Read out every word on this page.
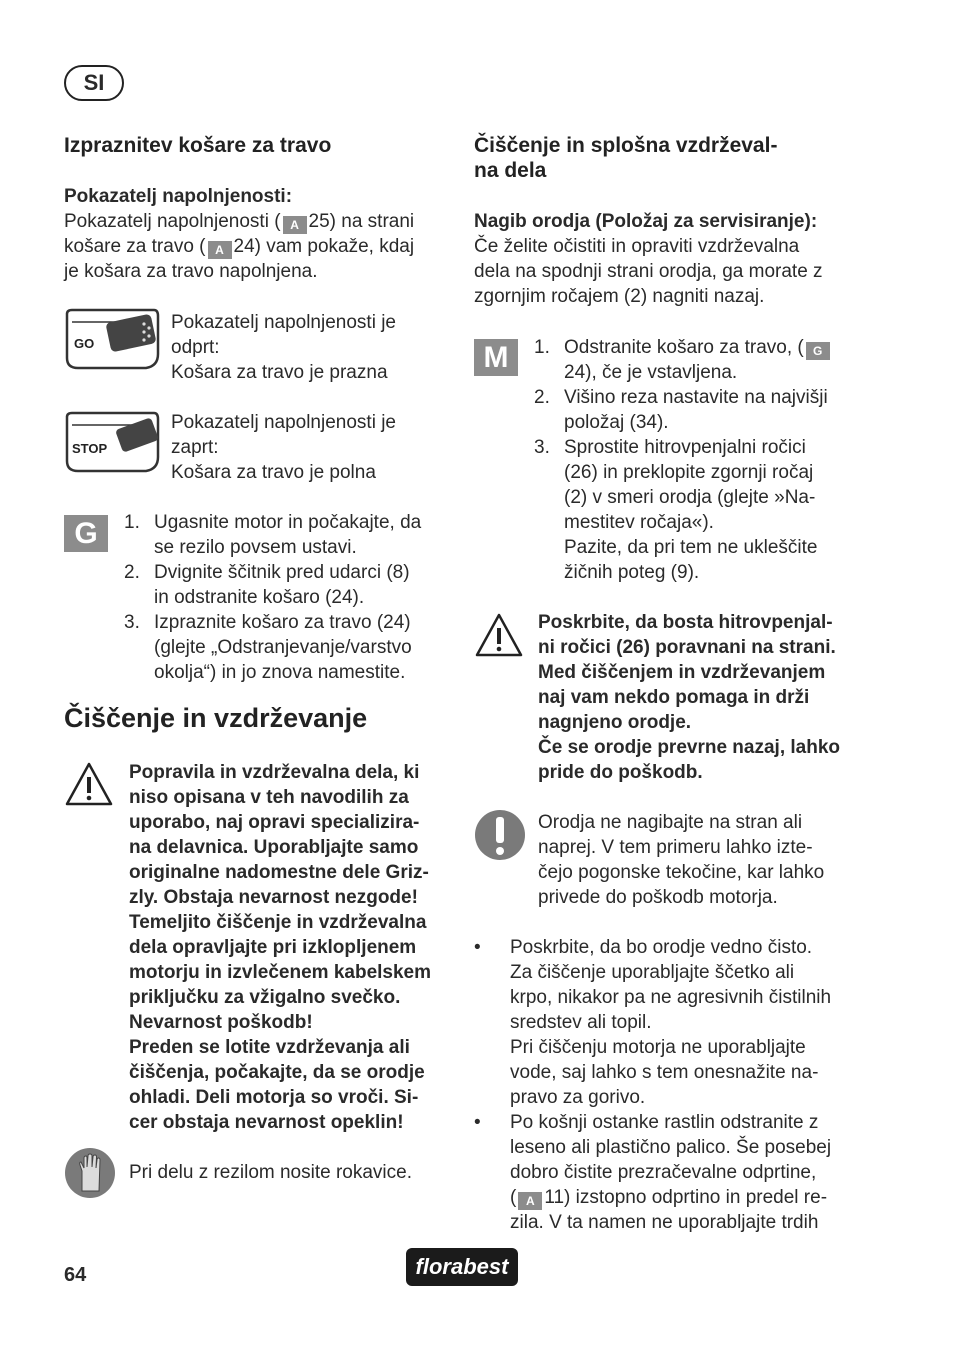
SI
Izpraznitev košare za travo
Pokazatelj napolnjenosti:
Pokazatelj napolnjenosti ( A 25) na strani
košare za travo ( A 24) vam pokaže, kdaj
je košara za travo napolnjena.
GO
Pokazatelj napolnjenosti je
odprt:
Košara za travo je prazna
STOP
Pokazatelj napolnjenosti je
zaprt:
Košara za travo je polna
G	1. Ugasnite motor in počakajte, da
se rezilo povsem ustavi.
2. Dvignite ščitnik pred udarci (8)
in odstranite košaro (24).
3. Izpraznite košaro za travo (24)
(glejte „Odstranjevanje/varstvo
okolja“) in jo znova namestite.
Čiščenje in vzdrževanje
Popravila in vzdrževalna dela, ki
niso opisana v teh navodilih za
uporabo, naj opravi specializira-
na delavnica. Uporabljajte samo
originalne nadomestne dele Griz-
zly. Obstaja nevarnost nezgode!
Temeljito čiščenje in vzdrževalna
dela opravljajte pri izklopljenem
motorju in izvlečenem kabelskem
priključku za vžigalno svečko.
Nevarnost poškodb!
Preden se lotite vzdrževanja ali
čiščenja, počakajte, da se orodje
ohladi. Deli motorja so vroči. Si-
cer obstaja nevarnost opeklin!
Pri delu z rezilom nosite rokavice.
Čiščenje in splošna vzdrževal-
na dela
Nagib orodja (Položaj za servisiranje):
Če želite očistiti in opraviti vzdrževalna
dela na spodnji strani orodja, ga morate z
zgornjim ročajem (2) nagniti nazaj.
M	1. Odstranite košaro za travo, ( G
24), če je vstavljena.
2. Višino reza nastavite na najvišji
položaj (34).
3. Sprostite hitrovpenjalni ročici
(26) in preklopite zgornji ročaj
(2) v smeri orodja (glejte »Na-
mestitev ročaja«).
Pazite, da pri tem ne ukleščite
žičnih poteg (9).
Poskrbite, da bosta hitrovpenjal-
ni ročici (26) poravnani na strani.
Med čiščenjem in vzdrževanjem
naj vam nekdo pomaga in drži
nagnjeno orodje.
Če se orodje prevrne nazaj, lahko
pride do poškodb.
Orodja ne nagibajte na stran ali
naprej. V tem primeru lahko izte-
čejo pogonske tekočine, kar lahko
privede do poškodb motorja.
• Poskrbite, da bo orodje vedno čisto.
Za čiščenje uporabljajte ščetko ali
krpo, nikakor pa ne agresivnih čistilnih
sredstev ali topil.
Pri čiščenju motorja ne uporabljajte
vode, saj lahko s tem onesnažite na-
pravo za gorivo.
• Po košnji ostanke rastlin odstranite z
leseno ali plastično palico. Še posebej
dobro čistite prezračevalne odprtine,
( A 11) izstopno odprtino in predel re-
zila. V ta namen ne uporabljajte trdih
64	florabest
